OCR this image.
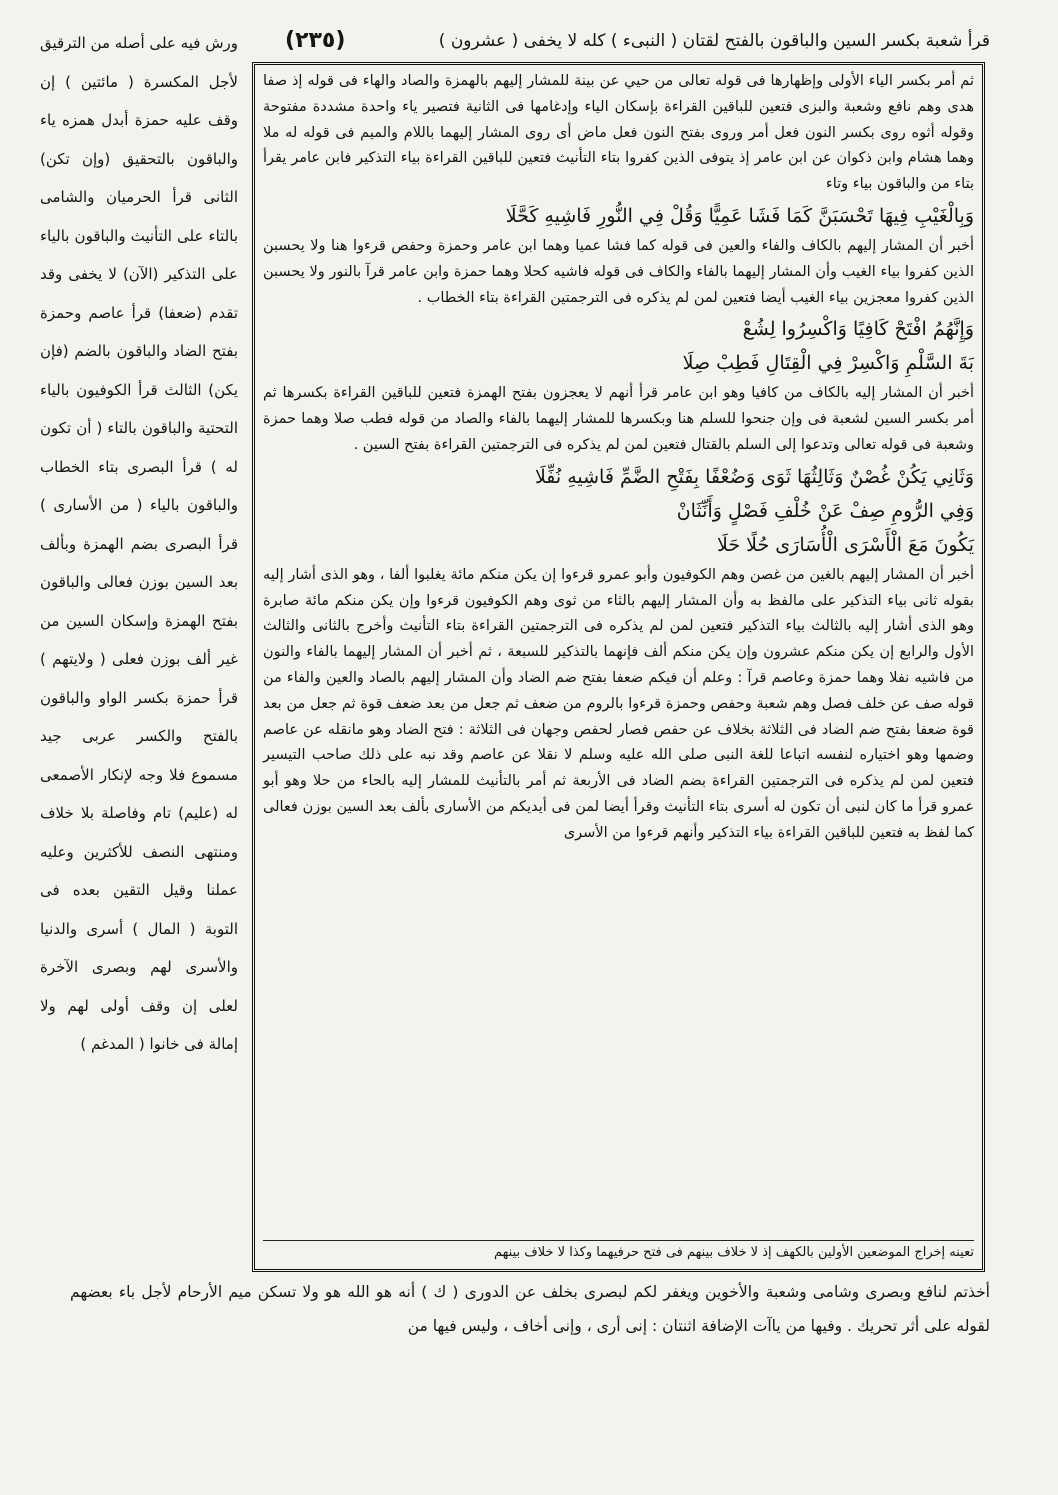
قرأ شعبة بكسر السين والباقون بالفتح لقتان ( النبىء ) كله لا يخفى ( عشرون )
(٢٣٥)

ثم أمر بكسر الياء الأولى وإظهارها فى قوله تعالى من حيي عن بينة للمشار إليهم بالهمزة والصاد والهاء فى قوله إذ صفا هدى وهم نافع وشعبة والبزى فتعين للباقين القراءة بإسكان الياء وإدغامها فى الثانية فتصير ياء واحدة مشددة مفتوحة وقوله أثوه روى بكسر النون فعل أمر وروى بفتح النون فعل ماض أى روى المشار إليهما باللام والميم فى قوله له ملا وهما هشام وابن ذكوان عن ابن عامر إذ يتوفى الذين كفروا بتاء التأنيث فتعين للباقين القراءة بياء التذكير فابن عامر يقرأ بتاء من والباقون بياء وتاء

وَبِالْغَيْبِ فِيهَا تَحْسَبَنَّ كَمَا فَشَا عَمِيًّا وَقُلْ فِي النُّورِ فَاشِيهِ كَحَّلَا

أخبر أن المشار إليهم بالكاف والفاء والعين فى قوله كما فشا عميا وهما ابن عامر وحمزة وحفص قرءوا هنا ولا يحسبن الذين كفروا بياء الغيب وأن المشار إليهما بالفاء والكاف فى قوله فاشيه كحلا وهما حمزة وابن عامر قرآ بالنور ولا يحسبن الذين كفروا معجزين بياء الغيب أيضا فتعين لمن لم يذكره فى الترجمتين القراءة بتاء الخطاب .

وَإِنَّهُمُ افْتَحْ كَافِيًا وَاكْسِرُوا لِشُعْ

بَةَ السَّلْمِ وَاكْسِرْ فِي الْقِتَالِ فَطِبْ صِلَا

أخبر أن المشار إليه بالكاف من كافيا وهو ابن عامر قرأ أنهم لا يعجزون بفتح الهمزة فتعين للباقين القراءة بكسرها ثم أمر بكسر السين لشعبة فى وإن جنحوا للسلم هنا وبكسرها للمشار إليهما بالفاء والصاد من قوله فطب صلا وهما حمزة وشعبة فى قوله تعالى وتدعوا إلى السلم بالقتال فتعين لمن لم يذكره فى الترجمتين القراءة بفتح السين .

وَثَانِي يَكُنْ غُصْنٌ وَثَالِثُهَا ثَوَى وَضُعْفًا بِفَتْحِ الضَّمِّ فَاشِيهِ نُفِّلَا

وَفِي الرُّومِ صِفْ عَنْ خُلْفِ فَصْلٍ وَأَنِّثَانْ

يَكُونَ مَعَ الْأَسْرَى الْأُسَارَى حُلًا حَلَا

أخبر أن المشار إليهم بالغين من غصن وهم الكوفيون وأبو عمرو قرءوا إن يكن منكم مائة يغلبوا ألفا ، وهو الذى أشار إليه بقوله ثانى بياء التذكير على مالفظ به وأن المشار إليهم بالثاء من ثوى وهم الكوفيون قرءوا وإن يكن منكم مائة صابرة وهو الذى أشار إليه بالثالث بياء التذكير فتعين لمن لم يذكره فى الترجمتين القراءة بتاء التأنيث وأخرج بالثانى والثالث الأول والرابع إن يكن منكم عشرون وإن يكن منكم ألف فإنهما بالتذكير للسبعة ، ثم أخبر أن المشار إليهما بالفاء والنون من فاشيه نفلا وهما حمزة وعاصم قرآ : وعلم أن فيكم ضعفا بفتح ضم الضاد وأن المشار إليهم بالصاد والعين والفاء من قوله صف عن خلف فصل وهم شعبة وحفص وحمزة قرءوا بالروم من ضعف ثم جعل من بعد ضعف قوة ثم جعل من بعد قوة ضعفا بفتح ضم الضاد فى الثلاثة بخلاف عن حفص فصار لحفص وجهان فى الثلاثة : فتح الضاد وهو مانقله عن عاصم وضمها وهو اختياره لنفسه اتباعا للغة النبى صلى الله عليه وسلم لا نقلا عن عاصم وقد نبه على ذلك صاحب التيسير فتعين لمن لم يذكره فى الترجمتين القراءة بضم الضاد فى الأربعة ثم أمر بالتأنيث للمشار إليه بالحاء من حلا وهو أبو عمرو قرأ ما كان لنبى أن تكون له أسرى بتاء التأنيث وقرأ أيضا لمن فى أيديكم من الأسارى بألف بعد السين بوزن فعالى كما لفظ به فتعين للباقين القراءة بياء التذكير وأنهم قرءوا من الأسرى

تعينه إخراج الموضعين الأولين بالكهف إذ لا خلاف بينهم فى فتح حرفيهما وكذا لا خلاف بينهم

ورش فيه على أصله من الترقيق لأجل المكسرة ( مائتين ) إن وقف عليه حمزة أبدل همزه ياء والباقون بالتحقيق (وإن تكن) الثانى قرأ الحرميان والشامى بالتاء على التأنيث والباقون بالياء على التذكير (الآن) لا يخفى وقد تقدم (ضعفا) قرأ عاصم وحمزة بفتح الضاد والباقون بالضم (فإن يكن) الثالث قرأ الكوفيون بالياء التحتية والباقون بالتاء ( أن تكون له ) قرأ البصرى بتاء الخطاب والباقون بالياء ( من الأسارى ) قرأ البصرى بضم الهمزة وبألف بعد السين بوزن فعالى والباقون بفتح الهمزة وإسكان السين من غير ألف بوزن فعلى ( ولايتهم ) قرأ حمزة بكسر الواو والباقون بالفتح والكسر عربى جيد مسموع فلا وجه لإنكار الأصمعى له (عليم) تام وفاصلة بلا خلاف ومنتهى النصف للأكثرين وعليه عملنا وقيل التقين بعده فى التوبة ( المال ) أسرى والدنيا والأسرى لهم وبصرى الآخرة لعلى إن وقف أولى لهم ولا إمالة فى خانوا ( المدغم )

أخذتم لنافع وبصرى وشامى وشعبة والأخوين ويغفر لكم لبصرى بخلف عن الدورى ( ك ) أنه هو الله هو ولا تسكن ميم الأرحام لأجل باء بعضهم لقوله على أثر تحريك . وفيها من ياآت الإضافة اثنتان : إنى أرى ، وإنى أخاف ، وليس فيها من
